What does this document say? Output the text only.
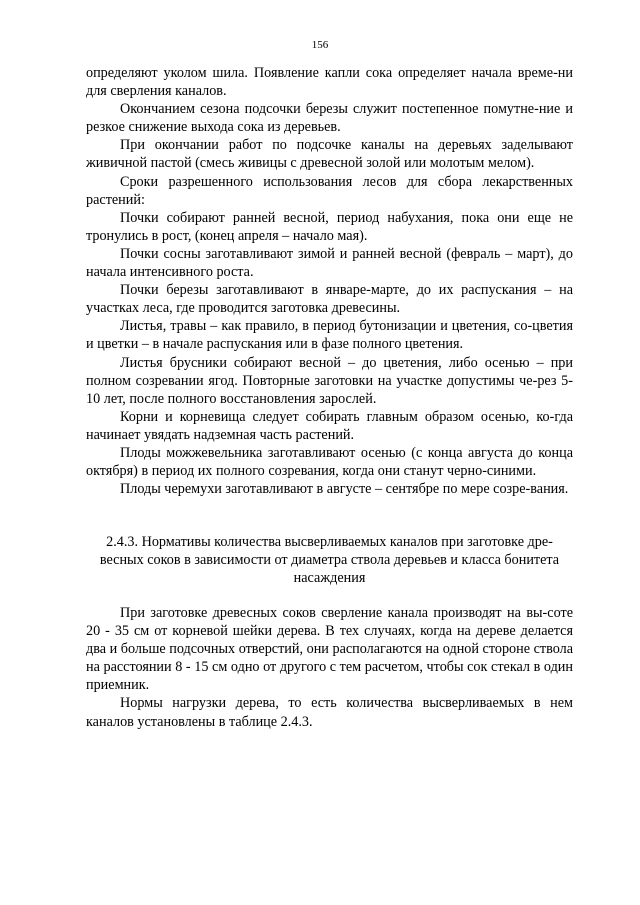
156

определяют уколом шила. Появление капли сока определяет начала време-ни для сверления каналов.

Окончанием сезона подсочки березы служит постепенное помутне-ние и резкое снижение выхода сока из деревьев.

При окончании работ по подсочке каналы на деревьях заделывают живичной пастой (смесь живицы с древесной золой или молотым мелом).

Сроки разрешенного использования лесов для сбора лекарственных растений:

Почки собирают ранней весной, период набухания, пока они еще не тронулись в рост, (конец апреля – начало мая).

Почки сосны заготавливают зимой и ранней весной (февраль – март), до начала интенсивного роста.

Почки березы заготавливают в январе-марте, до их распускания – на участках леса, где проводится заготовка древесины.

Листья, травы – как правило, в период бутонизации и цветения, со-цветия и цветки – в начале распускания или в фазе полного цветения.

Листья брусники собирают весной – до цветения, либо осенью – при полном созревании ягод. Повторные заготовки на участке допустимы че-рез 5-10 лет, после полного восстановления зарослей.

Корни и корневища следует собирать главным образом осенью, ко-гда начинает увядать надземная часть растений.

Плоды можжевельника заготавливают осенью (с конца августа до конца октября) в период их полного созревания, когда они станут черно-синими.

Плоды черемухи заготавливают в августе – сентябре по мере созре-вания.

2.4.3. Нормативы количества высверливаемых каналов при заготовке дре-весных соков в зависимости от диаметра ствола деревьев и класса бонитета насаждения

При заготовке древесных соков сверление канала производят на вы-соте 20 - 35 см от корневой шейки дерева. В тех случаях, когда на дереве делается два и больше подсочных отверстий, они располагаются на одной стороне ствола на расстоянии 8 - 15 см одно от другого с тем расчетом, чтобы сок стекал в один приемник.

Нормы нагрузки дерева, то есть количества высверливаемых в нем каналов установлены в таблице 2.4.3.
